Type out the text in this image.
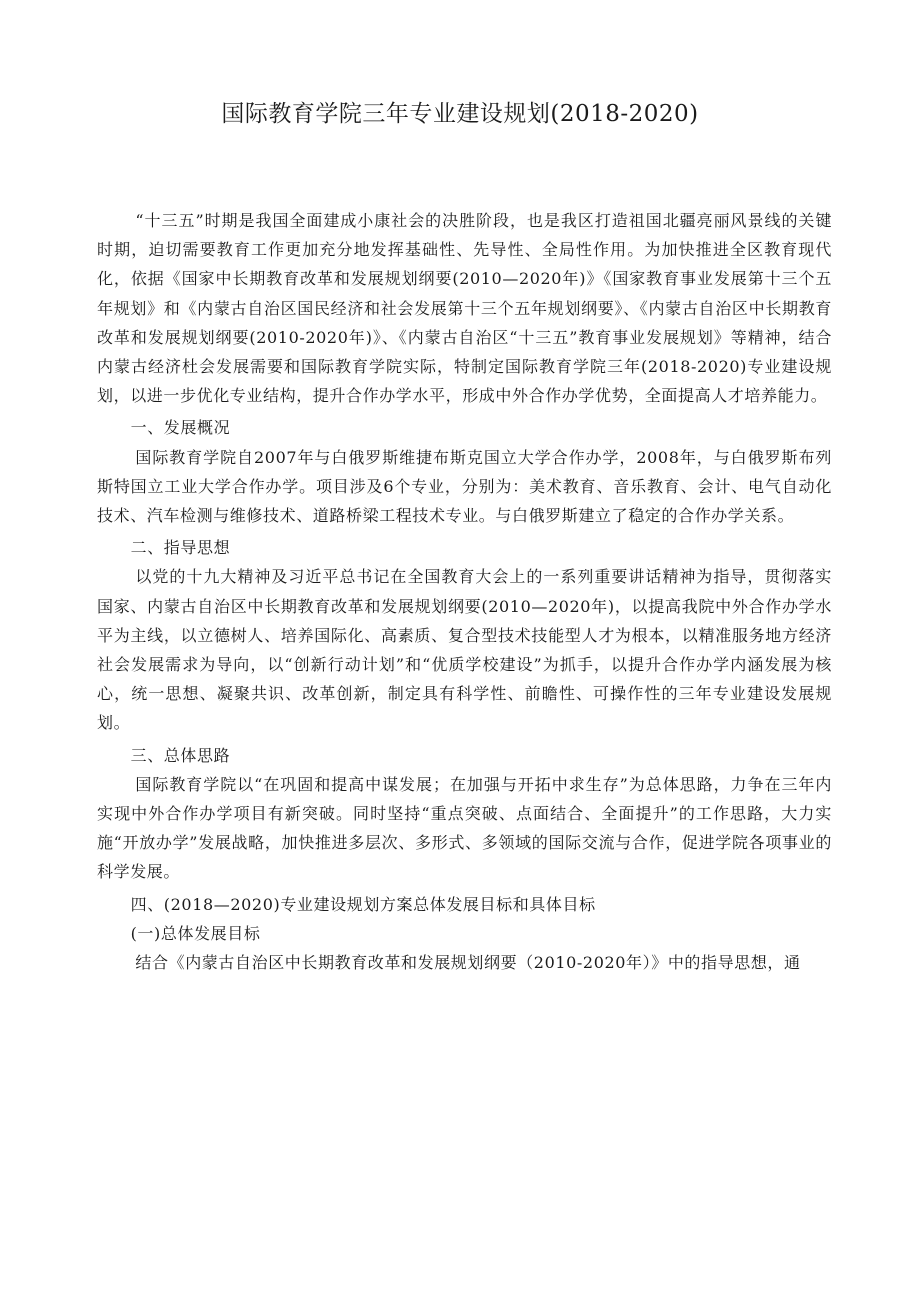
国际教育学院三年专业建设规划(2018-2020)

“十三五”时期是我国全面建成小康社会的决胜阶段，也是我区打造祖国北疆亮丽风景线的关键时期，迫切需要教育工作更加充分地发挥基础性、先导性、全局性作用。为加快推进全区教育现代化，依据《国家中长期教育改革和发展规划纲要(2010—2020年)》《国家教育事业发展第十三个五年规划》和《内蒙古自治区国民经济和社会发展第十三个五年规划纲要》、《内蒙古自治区中长期教育改革和发展规划纲要(2010-2020年)》、《内蒙古自治区“十三五”教育事业发展规划》等精神，结合内蒙古经济杜会发展需要和国际教育学院实际，特制定国际教育学院三年(2018-2020)专业建设规划，以进一步优化专业结构，提升合作办学水平，形成中外合作办学优势，全面提高人才培养能力。

一、发展概况

国际教育学院自2007年与白俄罗斯维捷布斯克国立大学合作办学，2008年，与白俄罗斯布列斯特国立工业大学合作办学。项目涉及6个专业，分别为：美术教育、音乐教育、会计、电气自动化技术、汽车检测与维修技术、道路桥梁工程技术专业。与白俄罗斯建立了稳定的合作办学关系。

二、指导思想

以党的十九大精神及习近平总书记在全国教育大会上的一系列重要讲话精神为指导，贯彻落实国家、内蒙古自治区中长期教育改革和发展规划纲要(2010—2020年)，以提高我院中外合作办学水平为主线，以立德树人、培养国际化、高素质、复合型技术技能型人才为根本，以精准服务地方经济社会发展需求为导向，以“创新行动计划”和“优质学校建设”为抓手，以提升合作办学内涵发展为核心，统一思想、凝聚共识、改革创新，制定具有科学性、前瞻性、可操作性的三年专业建设发展规划。

三、总体思路

国际教育学院以“在巩固和提高中谋发展；在加强与开拓中求生存”为总体思路，力争在三年内实现中外合作办学项目有新突破。同时坚持“重点突破、点面结合、全面提升”的工作思路，大力实施“开放办学”发展战略，加快推进多层次、多形式、多领域的国际交流与合作，促进学院各项事业的科学发展。

四、(2018—2020)专业建设规划方案总体发展目标和具体目标

(一)总体发展目标

结合《内蒙古自治区中长期教育改革和发展规划纲要（2010-2020年）》中的指导思想，通
